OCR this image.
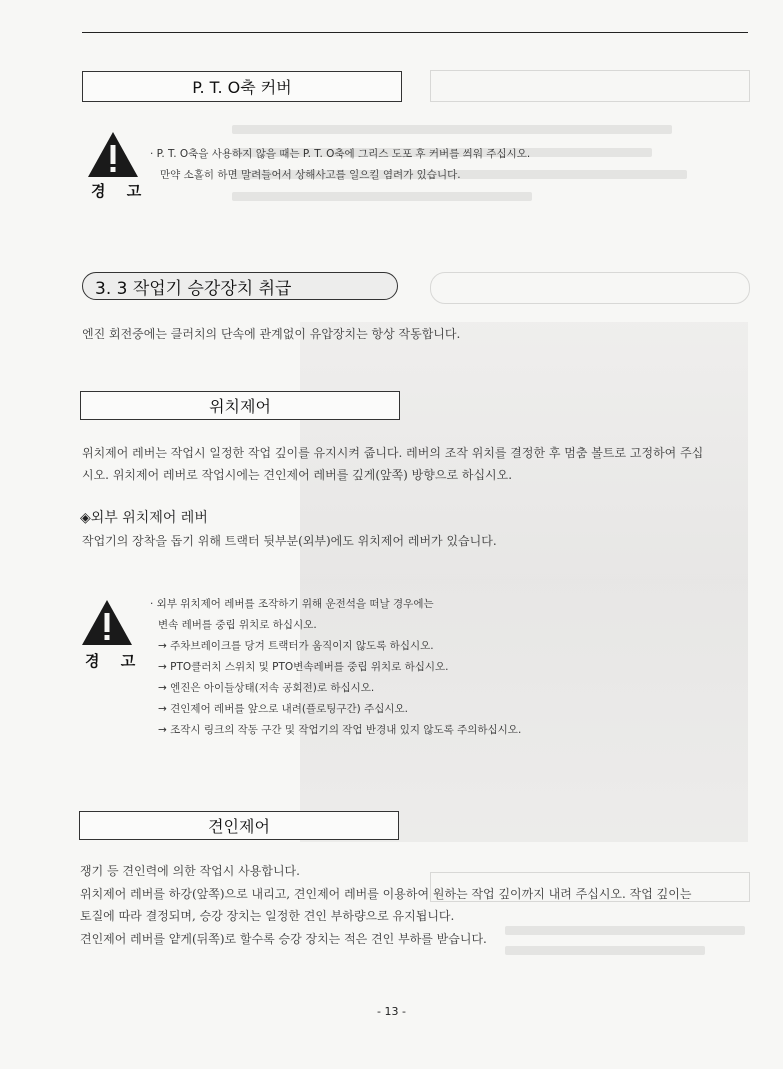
P. T. O축 커버
경 고
· P. T. O축을 사용하지 않을 때는 P. T. O축에 그리스 도포 후 커버를 씌워 주십시오.
만약 소홀히 하면 말려들어서 상해사고를 일으킬 염려가 있습니다.
3. 3 작업기 승강장치 취급
엔진 회전중에는 클러치의 단속에 관계없이 유압장치는 항상 작동합니다.
위치제어
위치제어 레버는 작업시 일정한 작업 깊이를 유지시켜 줍니다. 레버의 조작 위치를 결정한 후 멈춤 볼트로 고정하여 주십
시오. 위치제어 레버로 작업시에는 견인제어 레버를 깊게(앞쪽) 방향으로 하십시오.
◈외부 위치제어 레버
작업기의 장착을 돕기 위해 트랙터 뒷부분(외부)에도 위치제어 레버가 있습니다.
경 고
· 외부 위치제어 레버를 조작하기 위해 운전석을 떠날 경우에는
변속 레버를 중립 위치로 하십시오.
→ 주차브레이크를 당겨 트랙터가 움직이지 않도록 하십시오.
→ PTO클러치 스위치 및 PTO변속레버를 중립 위치로 하십시오.
→ 엔진은 아이들상태(저속 공회전)로 하십시오.
→ 견인제어 레버를 앞으로 내려(플로팅구간) 주십시오.
→ 조작시 링크의 작동 구간 및 작업기의 작업 반경내 있지 않도록 주의하십시오.
견인제어
쟁기 등 견인력에 의한 작업시 사용합니다.
위치제어 레버를 하강(앞쪽)으로 내리고, 견인제어 레버를 이용하여 원하는 작업 깊이까지 내려 주십시오. 작업 깊이는
토질에 따라 결정되며, 승강 장치는 일정한 견인 부하량으로 유지됩니다.
견인제어 레버를 얕게(뒤쪽)로 할수록 승강 장치는 적은 견인 부하를 받습니다.
- 13 -
